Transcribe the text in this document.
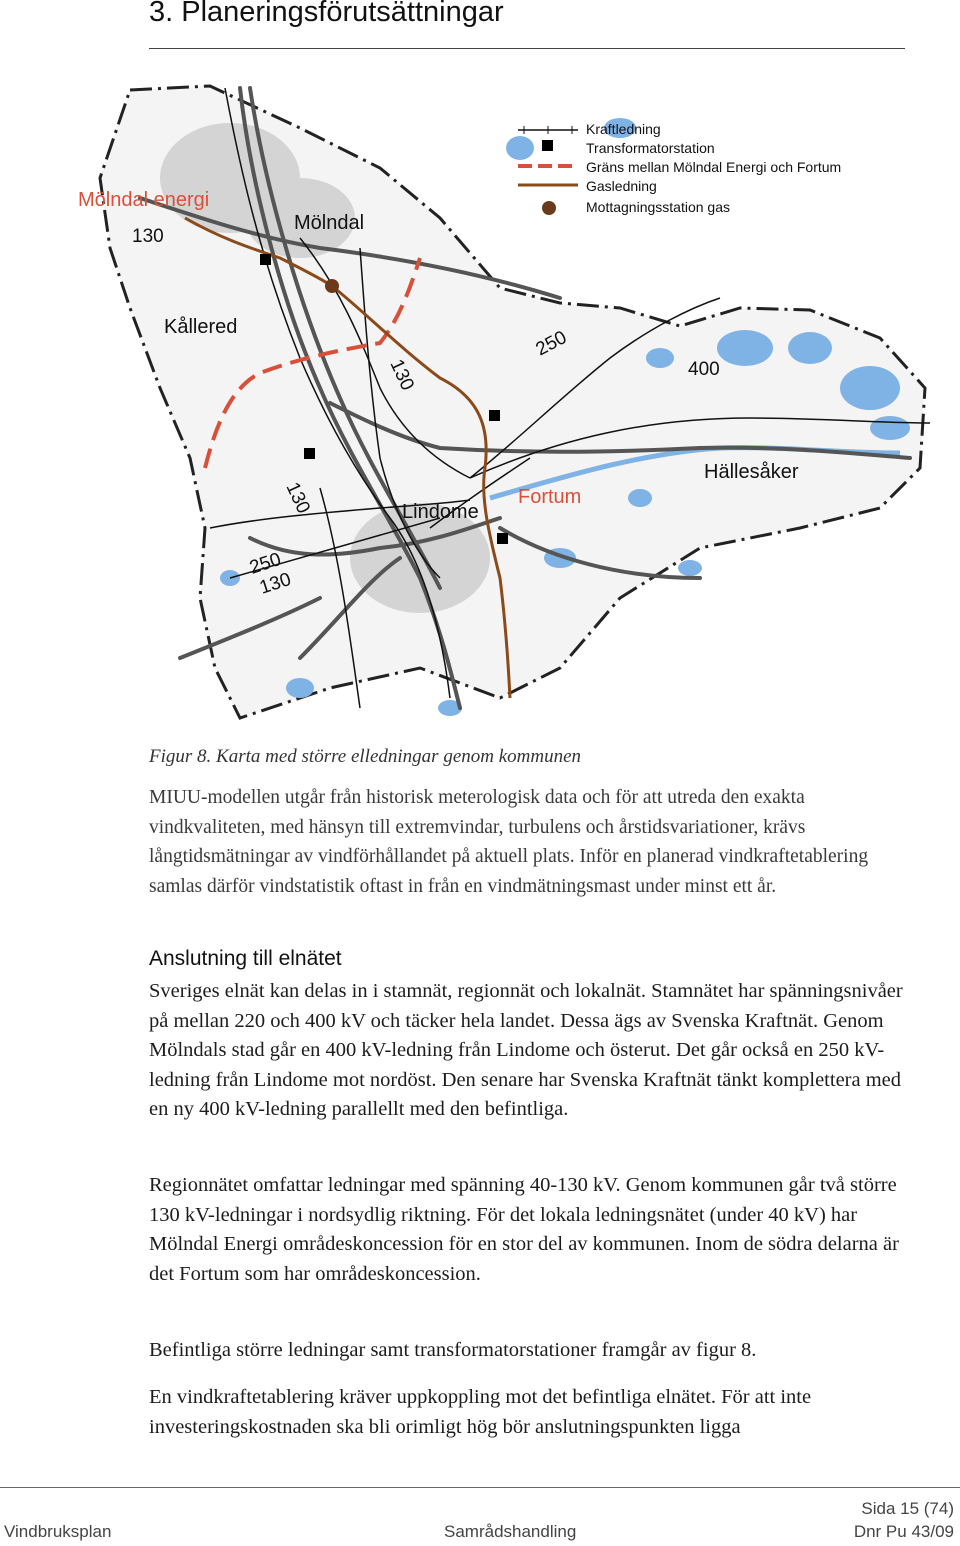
3. Planeringsförutsättningar
Mölndal energi
130
Mölndal
Kållered
130
250
400
Hällesåker
130	Fortum
Lindome
250
130
Kraftledning
Transformatorstation
Gräns mellan Mölndal Energi och Fortum
Gasledning
Mottagningsstation gas
Figur 8. Karta med större elledningar genom kommunen

MIUU-modellen utgår från historisk meterologisk data och för att utreda den exakta vindkvaliteten, med hänsyn till extremvindar, turbulens och årstidsvariationer, krävs långtidsmätningar av vindförhållandet på aktuell plats. Inför en planerad vindkraftetablering samlas därför vindstatistik oftast in från en vindmätningsmast under minst ett år.

Anslutning till elnätet

Sveriges elnät kan delas in i stamnät, regionnät och lokalnät. Stamnätet har spänningsnivåer på mellan 220 och 400 kV och täcker hela landet. Dessa ägs av Svenska Kraftnät. Genom Mölndals stad går en 400 kV-ledning från Lindome och österut. Det går också en 250 kV-ledning från Lindome mot nordöst. Den senare har Svenska Kraftnät tänkt komplettera med en ny 400 kV-ledning parallellt med den befintliga.

Regionnätet omfattar ledningar med spänning 40-130 kV. Genom kommunen går två större 130 kV-ledningar i nordsydlig riktning. För det lokala ledningsnätet (under 40 kV) har Mölndal Energi områdeskoncession för en stor del av kommunen. Inom de södra delarna är det Fortum som har områdeskoncession.

Befintliga större ledningar samt transformatorstationer framgår av figur 8.

En vindkraftetablering kräver uppkoppling mot det befintliga elnätet. För att inte investeringskostnaden ska bli orimligt hög bör anslutningspunkten ligga

Vindbruksplan	Samrådshandling
Sida 15 (74)
Dnr Pu 43/09
